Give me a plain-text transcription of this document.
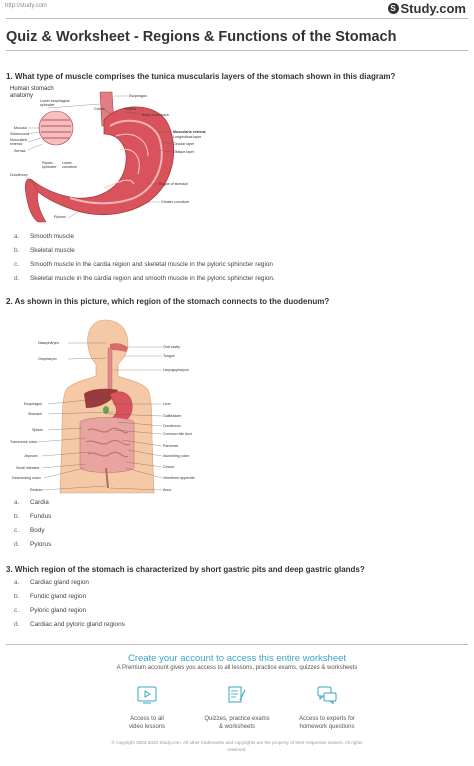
http://study.com	S Study.com
Quiz & Worksheet - Regions & Functions of the Stomach
1. What type of muscle comprises the tunica muscularis layers of the stomach shown in this diagram?
Human stomach
anatomy
Lower esophageal
sphincter
Mucosa
Submucosa
Muscularis
externa
Serosa
Pyloric
sphincter
Lower
curvature
Duodenum
Pylorus
Esophagus
Cardia	Fundus
Body of stomach
Muscularis externa
Longitudinal layer
Circular layer
Oblique layer
Rugae of stomach
Greater curvature
a. Smooth muscle
b. Skeletal muscle
c. Smooth muscle in the cardia region and skeletal muscle in the pyloric sphincter region
d. Skeletal muscle in the cardia region and smooth muscle in the pyloric sphincter region.
2. As shown in this picture, which region of the stomach connects to the duodenum?
Nasopharynx
Oropharynx
Esophagus
Stomach
Spleen
Transverse colon
Jejunum
Small intestine
Descending colon
Rectum
Oral cavity
Tongue
Laryngopharynx
Liver
Gallbladder
Duodenum
Common bile duct
Pancreas
Ascending colon
Cecum
Vermiform appendix
Anus
a. Cardia
b. Fundus
c. Body
d. Pylorus
3. Which region of the stomach is characterized by short gastric pits and deep gastric glands?
a. Cardiac gland region
b. Fundic gland region
c. Pyloric gland region
d. Cardiac and pyloric gland regions
Create your account to access this entire worksheet
A Premium account gives you access to all lessons, practice exams, quizzes & worksheets
Access to all
video lessons
Quizzes, practice exams
& worksheets
Access to experts for
homework questions
© copyright 2003-2020 Study.com. All other trademarks and copyrights are the property of their respective owners. All rights
reserved.
